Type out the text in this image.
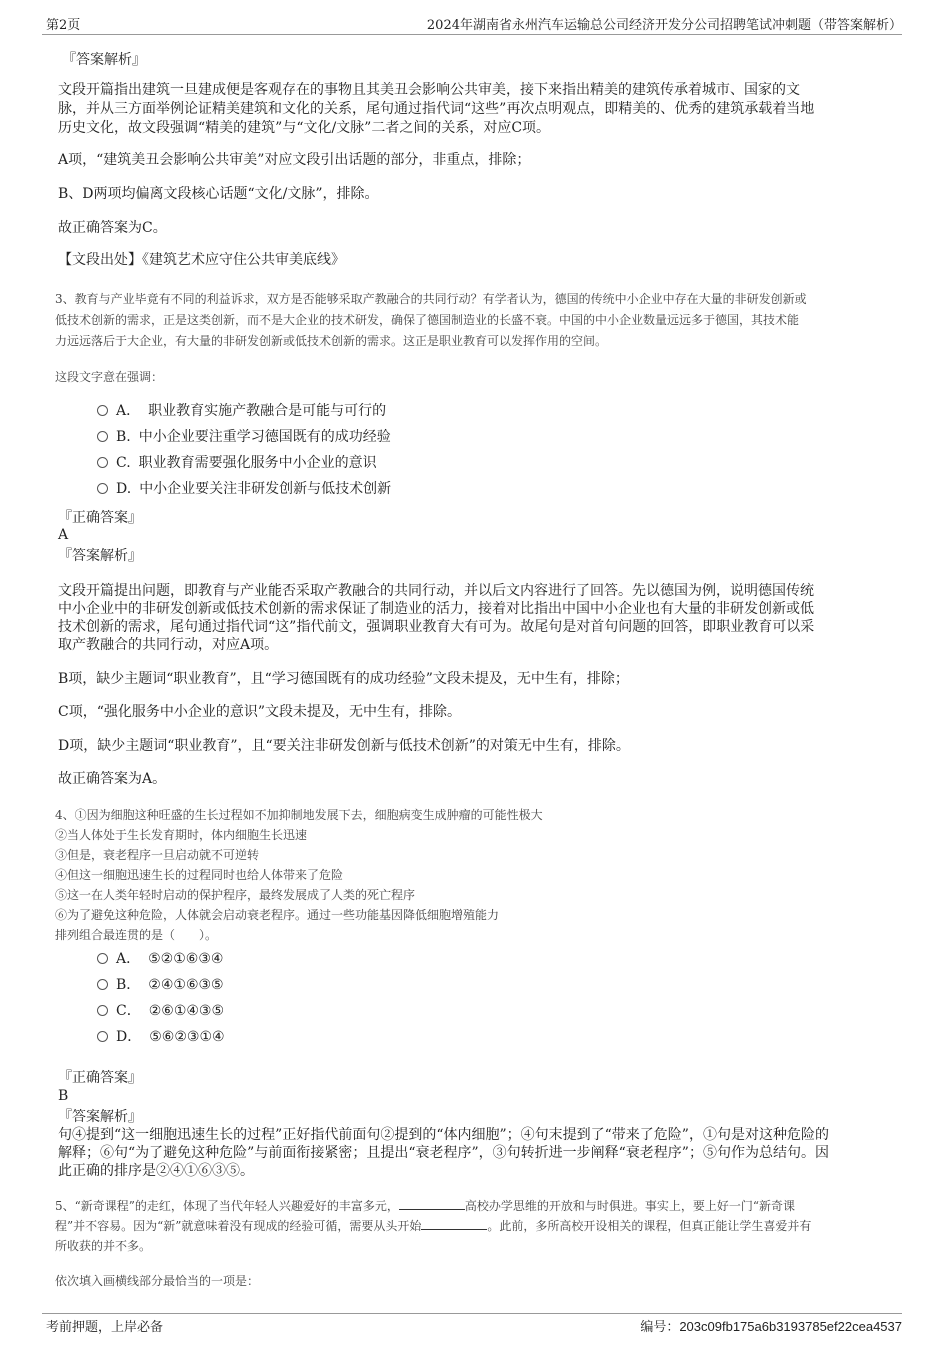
第2页	2024年湖南省永州汽车运输总公司经济开发分公司招聘笔试冲刺题（带答案解析）

『答案解析』

文段开篇指出建筑一旦建成便是客观存在的事物且其美丑会影响公共审美，接下来指出精美的建筑传承着城市、国家的文

脉，并从三方面举例论证精美建筑和文化的关系，尾句通过指代词“这些”再次点明观点，即精美的、优秀的建筑承载着当地

历史文化，故文段强调“精美的建筑”与“文化/文脉”二者之间的关系，对应C项。

A项，“建筑美丑会影响公共审美”对应文段引出话题的部分，非重点，排除；

B、D两项均偏离文段核心话题“文化/文脉”，排除。

故正确答案为C。

【文段出处】《建筑艺术应守住公共审美底线》

3、教育与产业毕竟有不同的利益诉求，双方是否能够采取产教融合的共同行动？有学者认为，德国的传统中小企业中存在大量的非研发创新或

低技术创新的需求，正是这类创新，而不是大企业的技术研发，确保了德国制造业的长盛不衰。中国的中小企业数量远远多于德国，其技术能

力远远落后于大企业，有大量的非研发创新或低技术创新的需求。这正是职业教育可以发挥作用的空间。

这段文字意在强调：

A． 职业教育实施产教融合是可能与可行的
B. 中小企业要注重学习德国既有的成功经验
C. 职业教育需要强化服务中小企业的意识
D. 中小企业要关注非研发创新与低技术创新

『正确答案』

A

『答案解析』

文段开篇提出问题，即教育与产业能否采取产教融合的共同行动，并以后文内容进行了回答。先以德国为例，说明德国传统

中小企业中的非研发创新或低技术创新的需求保证了制造业的活力，接着对比指出中国中小企业也有大量的非研发创新或低

技术创新的需求，尾句通过指代词“这”指代前文，强调职业教育大有可为。故尾句是对首句问题的回答，即职业教育可以采

取产教融合的共同行动，对应A项。

B项，缺少主题词“职业教育”，且“学习德国既有的成功经验”文段未提及，无中生有，排除；

C项，“强化服务中小企业的意识”文段未提及，无中生有，排除。

D项，缺少主题词“职业教育”，且“要关注非研发创新与低技术创新”的对策无中生有，排除。

故正确答案为A。

4、①因为细胞这种旺盛的生长过程如不加抑制地发展下去，细胞病变生成肿瘤的可能性极大

②当人体处于生长发育期时，体内细胞生长迅速

③但是，衰老程序一旦启动就不可逆转

④但这一细胞迅速生长的过程同时也给人体带来了危险

⑤这一在人类年轻时启动的保护程序，最终发展成了人类的死亡程序

⑥为了避免这种危险，人体就会启动衰老程序。通过一些功能基因降低细胞增殖能力

排列组合最连贯的是（　　）。

A． ⑤②①⑥③④
B． ②④①⑥③⑤
C． ②⑥①④③⑤
D． ⑤⑥②③①④

『正确答案』

B

『答案解析』

句④提到“这一细胞迅速生长的过程”正好指代前面句②提到的“体内细胞”；④句末提到了“带来了危险”，①句是对这种危险的

解释；⑥句“为了避免这种危险”与前面衔接紧密；且提出“衰老程序”，③句转折进一步阐释“衰老程序”；⑤句作为总结句。因

此正确的排序是②④①⑥③⑤。

5、“新奇课程”的走红，体现了当代年轻人兴趣爱好的丰富多元，	高校办学思维的开放和与时俱进。事实上，要上好一门“新奇课

程”并不容易。因为“新”就意味着没有现成的经验可循，需要从头开始	。此前，多所高校开设相关的课程，但真正能让学生喜爱并有

所收获的并不多。

依次填入画横线部分最恰当的一项是：

考前押题，上岸必备	编号：203c09fb175a6b3193785ef22cea4537
